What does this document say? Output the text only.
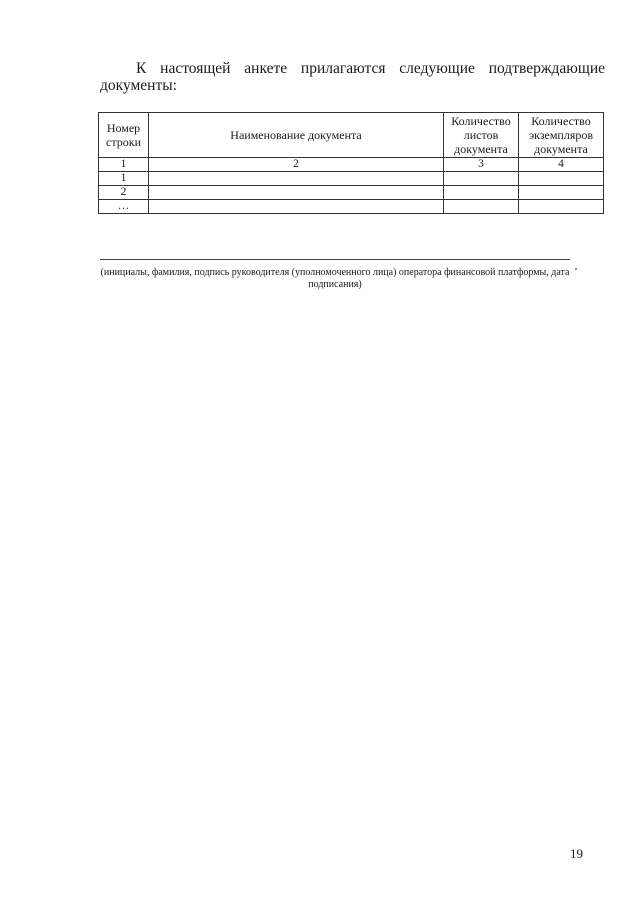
К настоящей анкете прилагаются следующие подтверждающие документы:

Номер строки	Наименование документа	Количество листов документа	Количество экземпляров документа
1	2	3	4
1			
2			
…			

(инициалы, фамилия, подпись руководителя (уполномоченного лица) оператора финансовой платформы, дата подписания)

19
